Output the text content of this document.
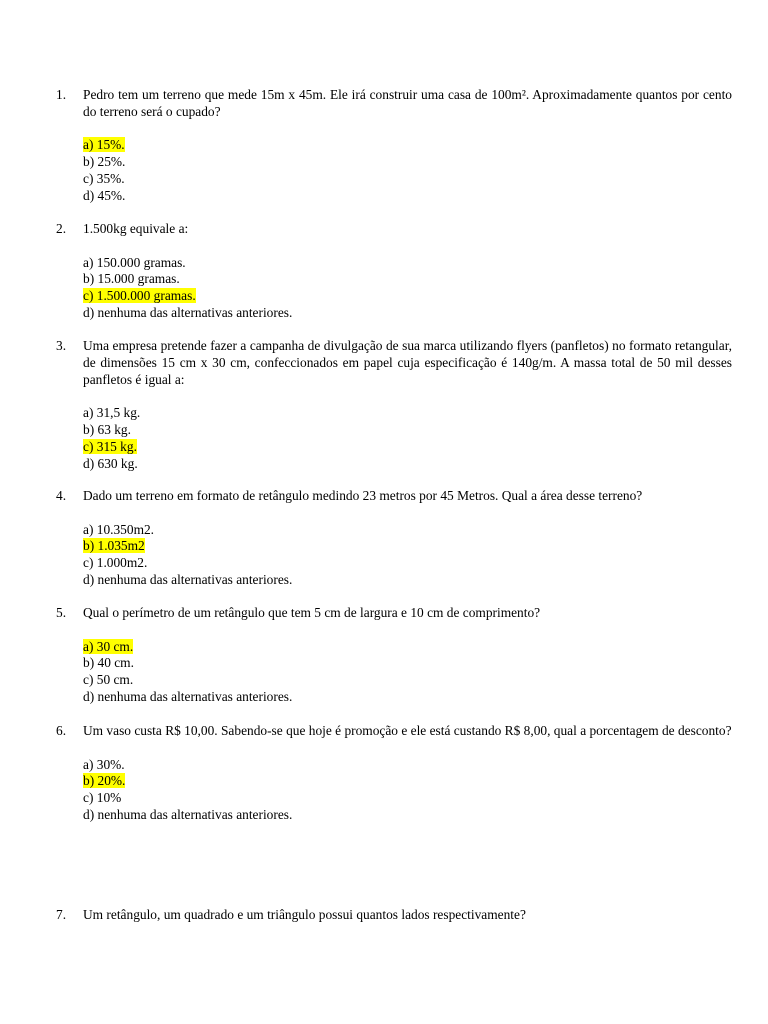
1.	Pedro tem um terreno que mede 15m x 45m. Ele irá construir uma casa de 100m². Aproximadamente quantos por cento do terreno será o cupado?
a) 15%.
b) 25%.
c) 35%.
d) 45%.
2.	1.500kg equivale a:
a) 150.000 gramas.
b) 15.000 gramas.
c) 1.500.000 gramas.
d) nenhuma das alternativas anteriores.
3.	Uma empresa pretende fazer a campanha de divulgação de sua marca utilizando flyers (panfletos) no formato retangular, de dimensões 15 cm x 30 cm, confeccionados em papel cuja especificação é 140g/m. A massa total de 50 mil desses panfletos é igual a:
a) 31,5 kg.
b) 63 kg.
c) 315 kg.
d) 630 kg.
4.	Dado um terreno em formato de retângulo medindo 23 metros por 45 Metros. Qual a área desse terreno?
a) 10.350m2.
b) 1.035m2
c) 1.000m2.
d) nenhuma das alternativas anteriores.
5.	Qual o perímetro de um retângulo que tem 5 cm de largura e 10 cm de comprimento?
a) 30 cm.
b) 40 cm.
c) 50 cm.
d) nenhuma das alternativas anteriores.
6.	Um vaso custa R$ 10,00. Sabendo-se que hoje é promoção e ele está custando R$ 8,00, qual a porcentagem de desconto?
a) 30%.
b) 20%.
c) 10%
d) nenhuma das alternativas anteriores.
7.	Um retângulo, um quadrado e um triângulo possui quantos lados respectivamente?
